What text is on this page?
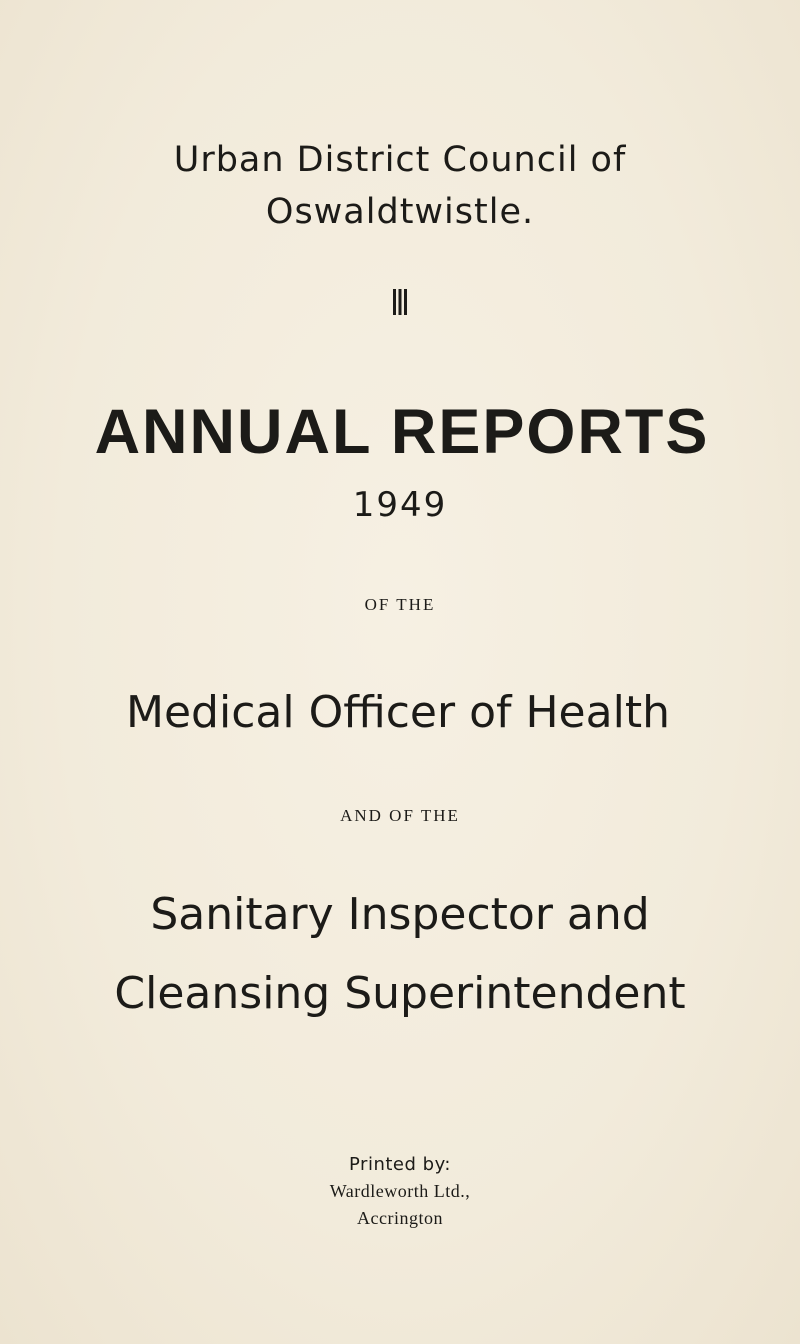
Urban District Council of
Oswaldtwistle.
ANNUAL REPORTS
1949
OF THE
Medical Officer of Health
AND OF THE
Sanitary Inspector and
Cleansing Superintendent
Printed by:
Wardleworth Ltd.,
Accrington
